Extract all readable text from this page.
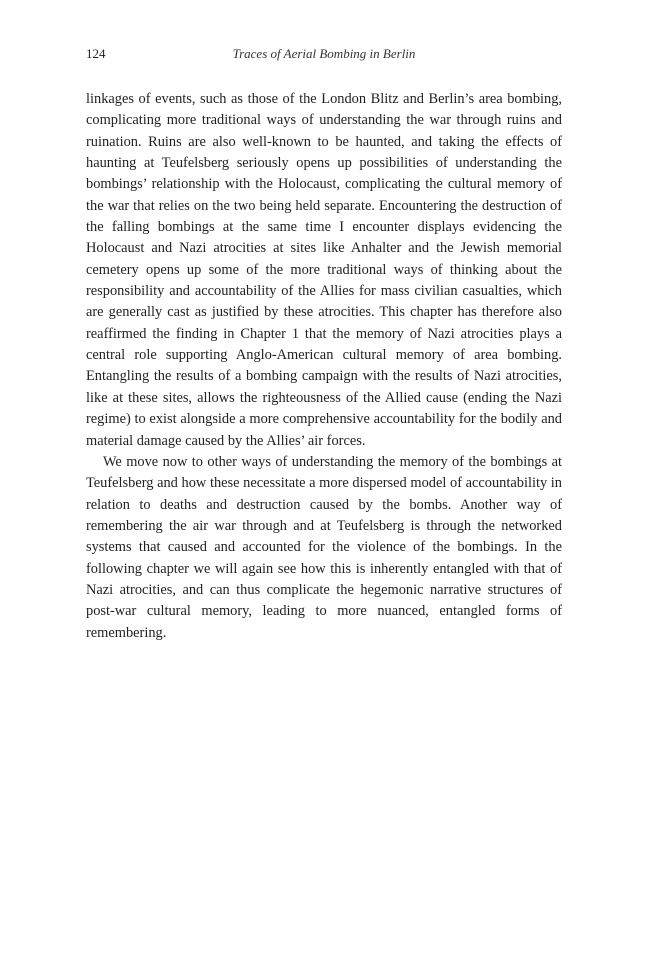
124	Traces of Aerial Bombing in Berlin

linkages of events, such as those of the London Blitz and Berlin’s area bombing, complicating more traditional ways of understanding the war through ruins and ruination. Ruins are also well-known to be haunted, and taking the effects of haunting at Teufelsberg seriously opens up possibilities of understanding the bombings’ relationship with the Holocaust, complicating the cultural memory of the war that relies on the two being held separate. Encountering the destruction of the falling bombings at the same time I encounter displays evidencing the Holocaust and Nazi atrocities at sites like Anhalter and the Jewish memorial cemetery opens up some of the more traditional ways of thinking about the responsibility and accountability of the Allies for mass civilian casualties, which are generally cast as justified by these atrocities. This chapter has therefore also reaffirmed the finding in Chapter 1 that the memory of Nazi atrocities plays a central role supporting Anglo-American cultural memory of area bombing. Entangling the results of a bombing campaign with the results of Nazi atrocities, like at these sites, allows the righteousness of the Allied cause (ending the Nazi regime) to exist alongside a more comprehensive accountability for the bodily and material damage caused by the Allies’ air forces.

We move now to other ways of understanding the memory of the bombings at Teufelsberg and how these necessitate a more dispersed model of accountability in relation to deaths and destruction caused by the bombs. Another way of remembering the air war through and at Teufelsberg is through the networked systems that caused and accounted for the violence of the bombings. In the following chapter we will again see how this is inherently entangled with that of Nazi atrocities, and can thus complicate the hegemonic narrative structures of post-war cultural memory, leading to more nuanced, entangled forms of remembering.
